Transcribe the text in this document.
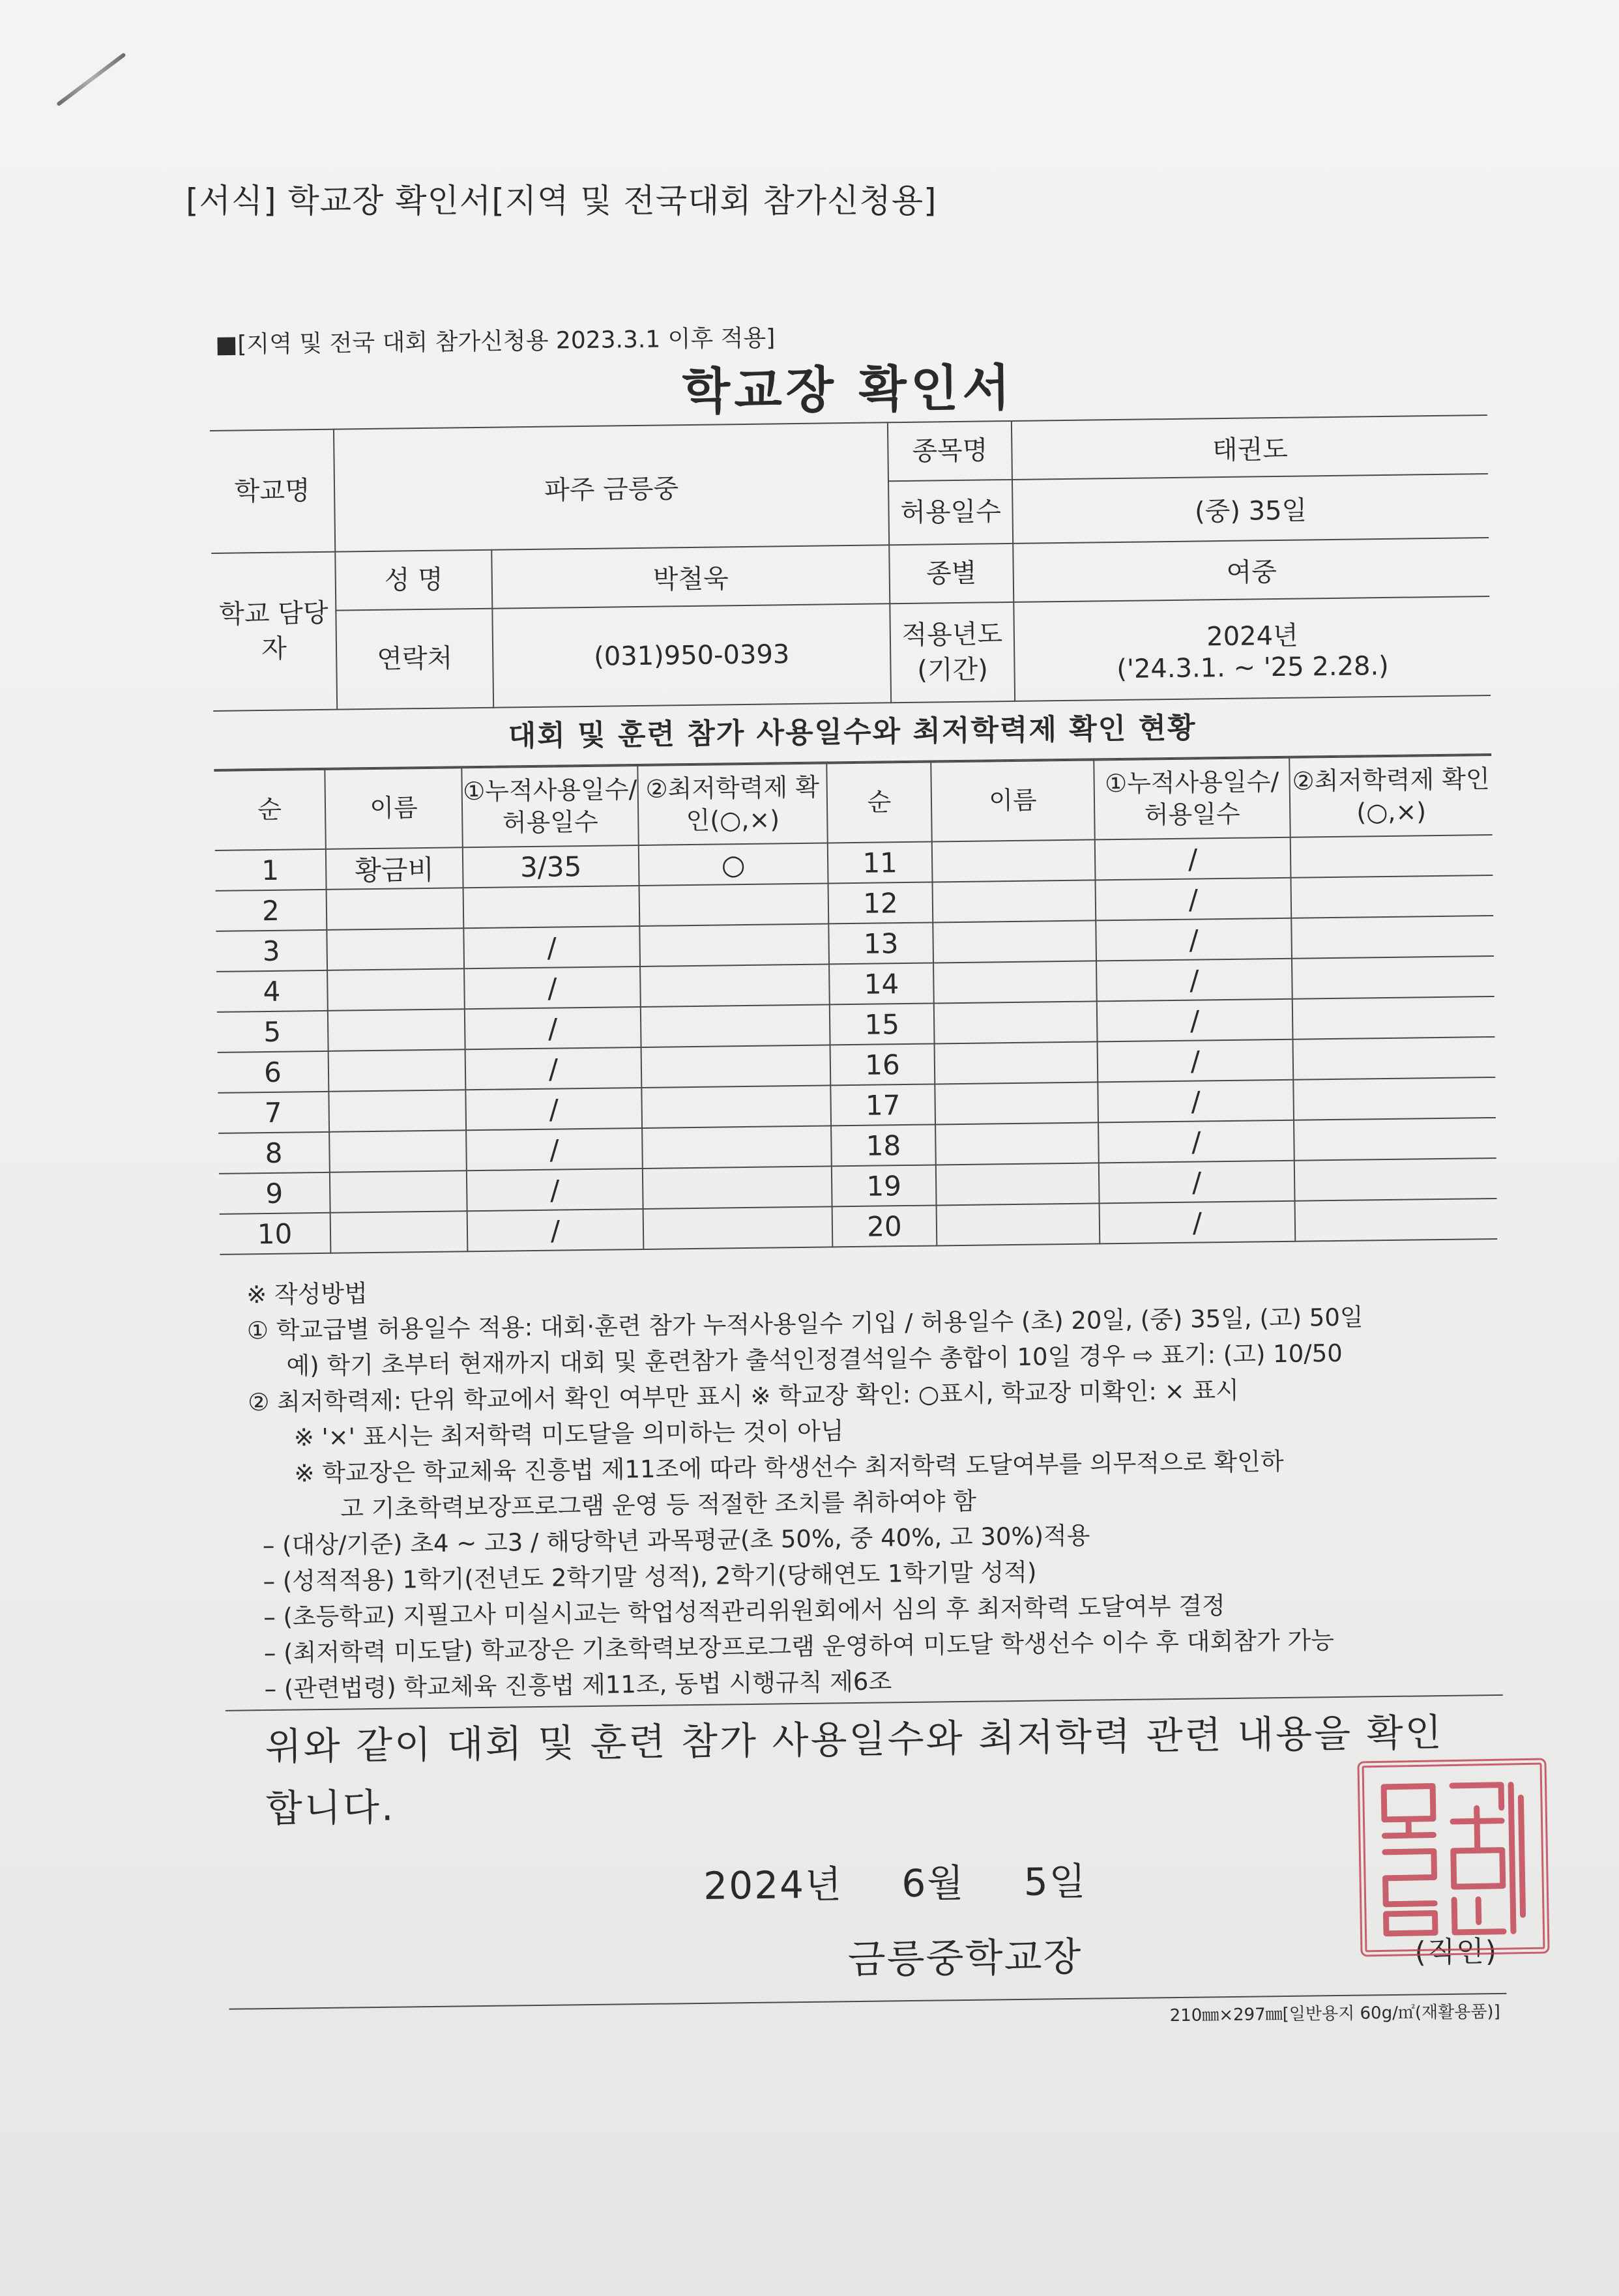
[서식] 학교장 확인서[지역 및 전국대회 참가신청용]
■[지역 및 전국 대회 참가신청용 2023.3.1 이후 적용]
학교장 확인서
학교명	파주 금릉중		종목명	태권도
			허용일수	(중) 35일
학교 담당자	성 명	박철욱	종별	여중
	연락처	(031)950-0393	적용년도 (기간)	2024년
('24.3.1. ~ '25 2.28.)

대회 및 훈련 참가 사용일수와 최저학력제 확인 현황				
순	이름	①누적사용일수/허용일수	②최저학력제 확인(○,×)	순	이름	①누적사용일수/허용일수	②최저학력제 확인(○,×)
1	황금비	3/35	○	11		/	
2				12		/	
3		/		13		/	
4		/		14		/	
5		/		15		/	
6		/		16		/	
7		/		17		/	
8		/		18		/	
9		/		19		/	
10		/		20		/	
※ 작성방법
① 학교급별 허용일수 적용: 대회·훈련 참가 누적사용일수 기입 / 허용일수 (초) 20일, (중) 35일, (고) 50일
예) 학기 초부터 현재까지 대회 및 훈련참가 출석인정결석일수 총합이 10일 경우 ⇨ 표기: (고) 10/50
② 최저학력제: 단위 학교에서 확인 여부만 표시 ※ 학교장 확인: ○표시, 학교장 미확인: × 표시
※ '×' 표시는 최저학력 미도달을 의미하는 것이 아님
※ 학교장은 학교체육 진흥법 제11조에 따라 학생선수 최저학력 도달여부를 의무적으로 확인하
고 기초학력보장프로그램 운영 등 적절한 조치를 취하여야 함
– (대상/기준) 초4 ~ 고3 / 해당학년 과목평균(초 50%, 중 40%, 고 30%)적용
– (성적적용) 1학기(전년도 2학기말 성적), 2학기(당해연도 1학기말 성적)
– (초등학교) 지필고사 미실시교는 학업성적관리위원회에서 심의 후 최저학력 도달여부 결정
– (최저학력 미도달) 학교장은 기초학력보장프로그램 운영하여 미도달 학생선수 이수 후 대회참가 가능
– (관련법령) 학교체육 진흥법 제11조, 동법 시행규칙 제6조
위와 같이 대회 및 훈련 참가 사용일수와 최저학력 관련 내용을 확인
합니다.
2024년 6월 5일
금릉중학교장	(직인)
210㎜×297㎜[일반용지 60g/㎡(재활용품)]
